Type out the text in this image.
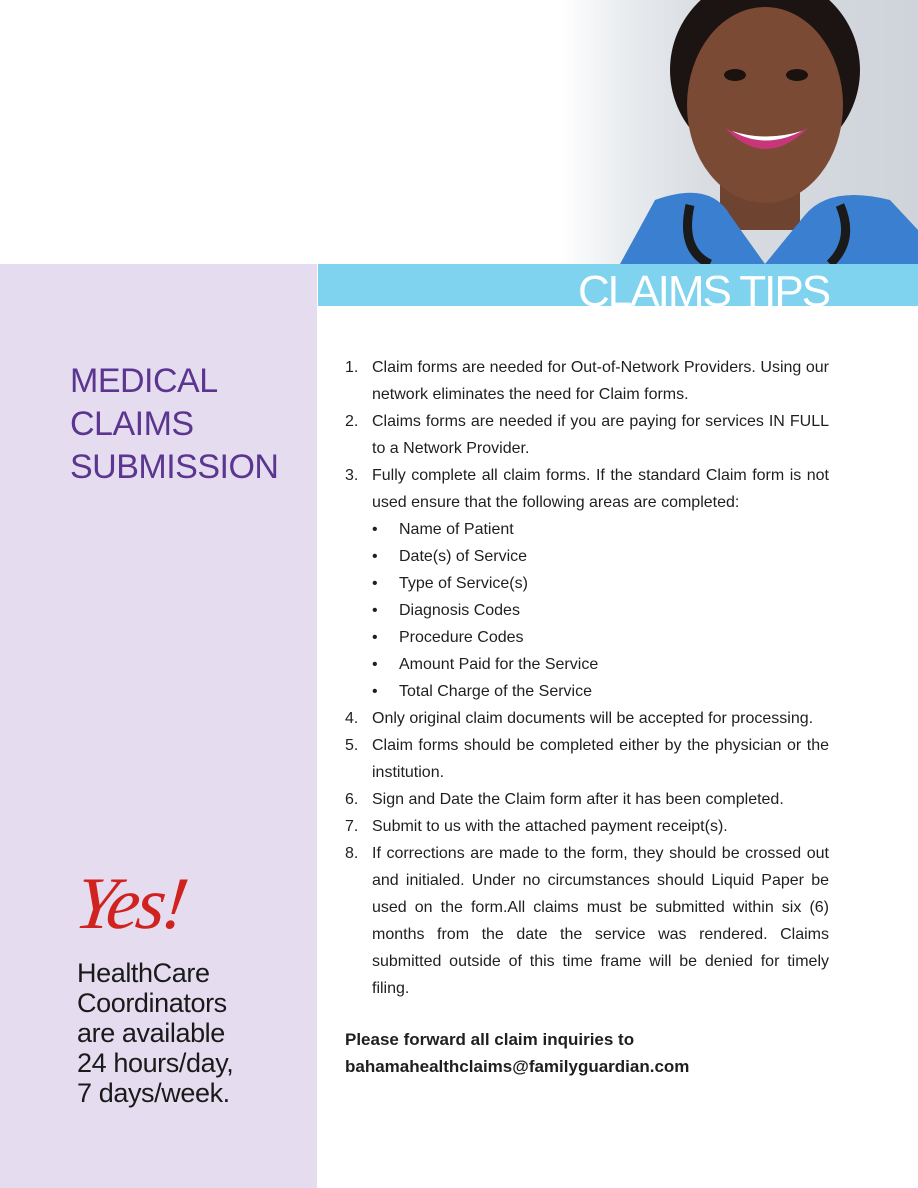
MEDICAL
CLAIMS
SUBMISSION
Yes!
HealthCare
Coordinators
are available
24 hours/day,
7 days/week.
CLAIMS TIPS
1. Claim forms are needed for Out-of-Network Providers. Using our network eliminates the need for Claim forms.
2. Claims forms are needed if you are paying for services IN FULL to a Network Provider.
3. Fully complete all claim forms. If the standard Claim form is not used ensure that the following areas are completed:
• Name of Patient
• Date(s) of Service
• Type of Service(s)
• Diagnosis Codes
• Procedure Codes
• Amount Paid for the Service
• Total Charge of the Service
4. Only original claim documents will be accepted for processing.
5. Claim forms should be completed either by the physician or the institution.
6. Sign and Date the Claim form after it has been completed.
7. Submit to us with the attached payment receipt(s).
8. If corrections are made to the form, they should be crossed out and initialed. Under no circumstances should Liquid Paper be used on the form.All claims must be submitted within six (6) months from the date the service was rendered. Claims submitted outside of this time frame will be denied for timely filing.
Please forward all claim inquiries to
bahamahealthclaims@familyguardian.com
